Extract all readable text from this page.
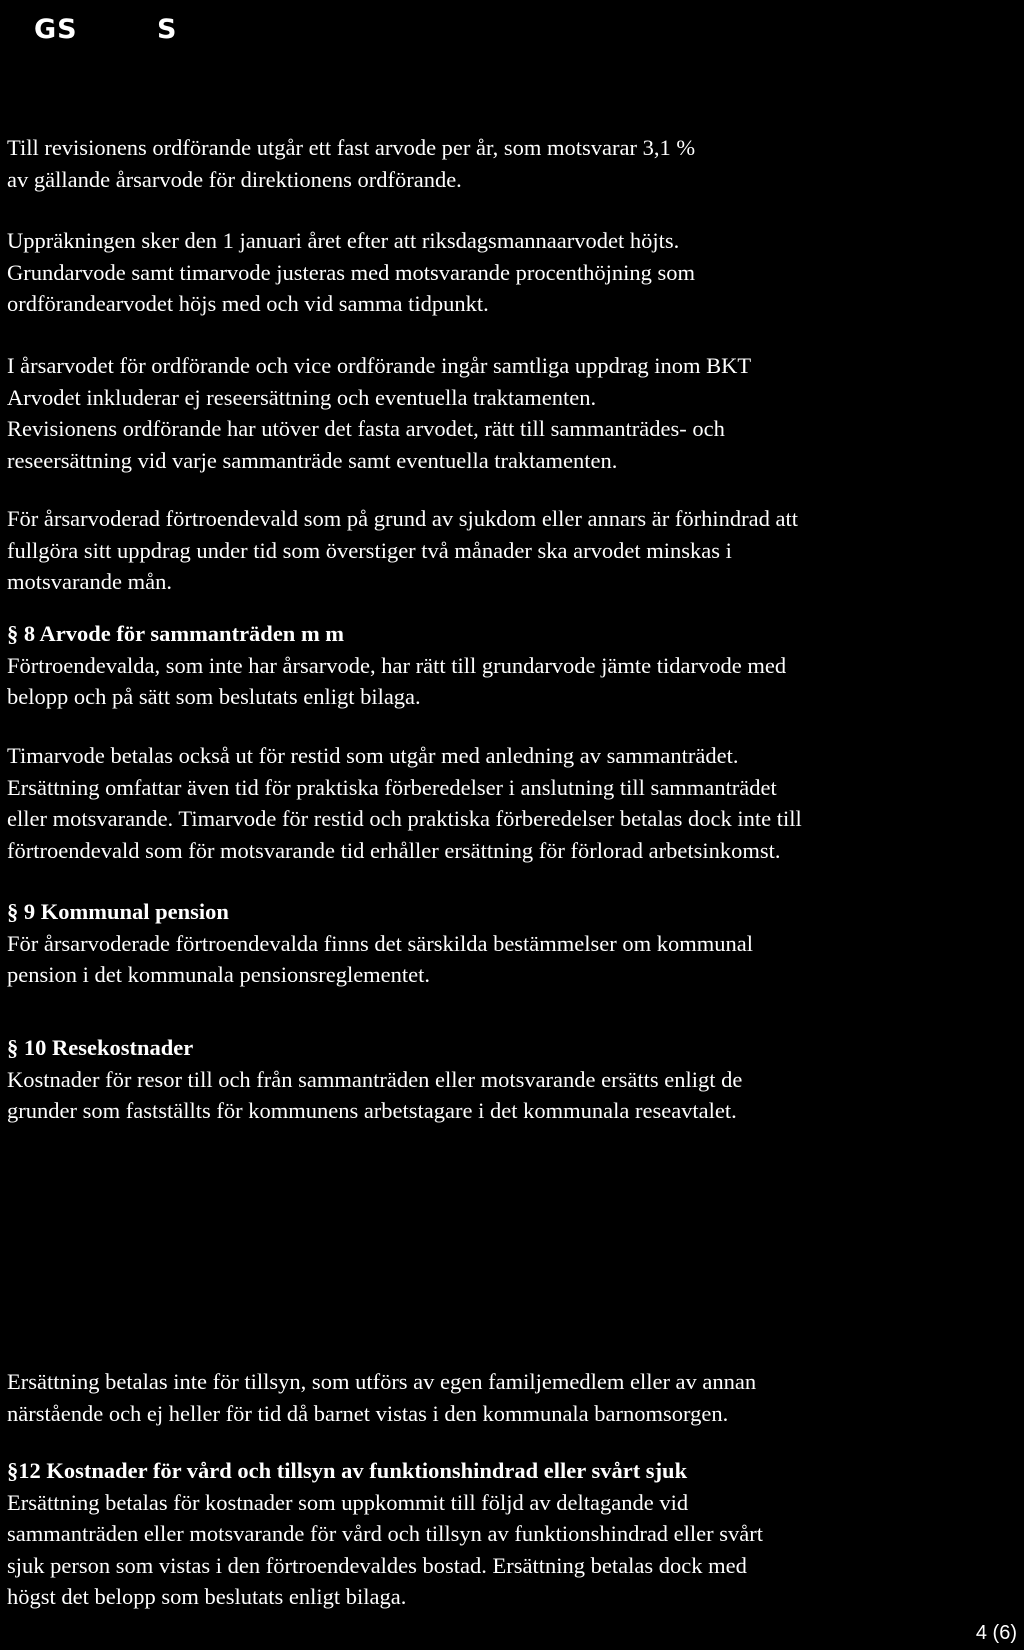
GS	S

Till revisionens ordförande utgår ett fast arvode per år, som motsvarar 3,1 %

av gällande årsarvode för direktionens ordförande.

Uppräkningen sker den 1 januari året efter att riksdagsmannaarvodet höjts.

Grundarvode samt timarvode justeras med motsvarande procenthöjning som

ordförandearvodet höjs med och vid samma tidpunkt.

I årsarvodet för ordförande och vice ordförande ingår samtliga uppdrag inom BKT

Arvodet inkluderar ej reseersättning och eventuella traktamenten.

Revisionens ordförande har utöver det fasta arvodet, rätt till sammanträdes- och

reseersättning vid varje sammanträde samt eventuella traktamenten.

För årsarvoderad förtroendevald som på grund av sjukdom eller annars är förhindrad att

fullgöra sitt uppdrag under tid som överstiger två månader ska arvodet minskas i

motsvarande mån.

§ 8 Arvode för sammanträden m m

Förtroendevalda, som inte har årsarvode, har rätt till grundarvode jämte tidarvode med

belopp och på sätt som beslutats enligt bilaga.

Timarvode betalas också ut för restid som utgår med anledning av sammanträdet.

Ersättning omfattar även tid för praktiska förberedelser i anslutning till sammanträdet

eller motsvarande. Timarvode för restid och praktiska förberedelser betalas dock inte till

förtroendevald som för motsvarande tid erhåller ersättning för förlorad arbetsinkomst.

§ 9 Kommunal pension

För årsarvoderade förtroendevalda finns det särskilda bestämmelser om kommunal

pension i det kommunala pensionsreglementet.

§ 10 Resekostnader

Kostnader för resor till och från sammanträden eller motsvarande ersätts enligt de

grunder som fastställts för kommunens arbetstagare i det kommunala reseavtalet.

Ersättning betalas inte för tillsyn, som utförs av egen familjemedlem eller av annan

närstående och ej heller för tid då barnet vistas i den kommunala barnomsorgen.

§12 Kostnader för vård och tillsyn av funktionshindrad eller svårt sjuk

Ersättning betalas för kostnader som uppkommit till följd av deltagande vid

sammanträden eller motsvarande för vård och tillsyn av funktionshindrad eller svårt

sjuk person som vistas i den förtroendevaldes bostad. Ersättning betalas dock med

högst det belopp som beslutats enligt bilaga.

4 (6)
